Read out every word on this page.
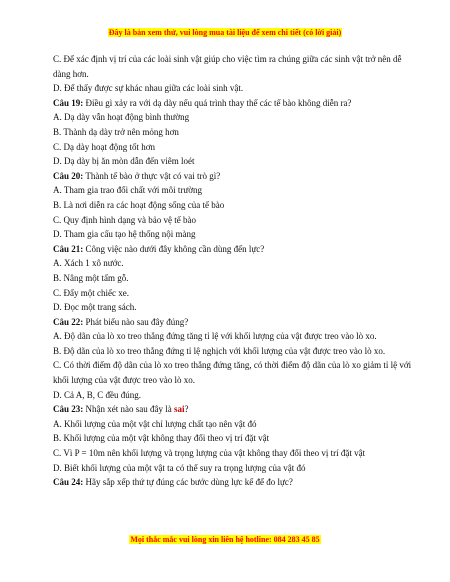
Đây là bản xem thử, vui lòng mua tài liệu để xem chi tiết (có lời giải)
C. Để xác định vị trí của các loài sinh vật giúp cho việc tìm ra chúng giữa các sinh vật trở nên dễ dàng hơn.
D. Để thấy được sự khác nhau giữa các loài sinh vật.
Câu 19: Điều gì xảy ra với dạ dày nếu quá trình thay thế các tế bào không diễn ra?
A. Dạ dày vẫn hoạt động bình thường
B. Thành dạ dày trở nên mỏng hơn
C. Dạ dày hoạt động tốt hơn
D. Dạ dày bị ăn mòn dẫn đến viêm loét
Câu 20: Thành tế bào ở thực vật có vai trò gì?
A. Tham gia trao đổi chất với môi trường
B. Là nơi diễn ra các hoạt động sống của tế bào
C. Quy định hình dạng và bảo vệ tế bào
D. Tham gia cấu tạo hệ thống nội màng
Câu 21: Công việc nào dưới đây không cần dùng đến lực?
A. Xách 1 xô nước.
B. Nâng một tấm gỗ.
C. Đẩy một chiếc xe.
D. Đọc một trang sách.
Câu 22: Phát biểu nào sau đây đúng?
A. Độ dãn của lò xo treo thẳng đứng tăng tỉ lệ với khối lượng của vật được treo vào lò xo.
B. Độ dãn của lò xo treo thẳng đứng tỉ lệ nghịch với khối lượng của vật được treo vào lò xo.
C. Có thời điểm độ dãn của lò xo treo thẳng đứng tăng, có thời điểm độ dãn của lò xo giảm tỉ lệ với khối lượng của vật được treo vào lò xo.
D. Cả A, B, C đều đúng.
Câu 23: Nhận xét nào sau đây là sai?
A. Khối lượng của một vật chỉ lượng chất tạo nên vật đó
B. Khối lượng của một vật không thay đổi theo vị trí đặt vật
C. Vì P = 10m nên khối lượng và trọng lượng của vật không thay đổi theo vị trí đặt vật
D. Biết khối lượng của một vật ta có thể suy ra trọng lượng của vật đó
Câu 24: Hãy sắp xếp thứ tự đúng các bước dùng lực kế để đo lực?
Mọi thắc mắc vui lòng xin liên hệ hotline: 084 283 45 85
